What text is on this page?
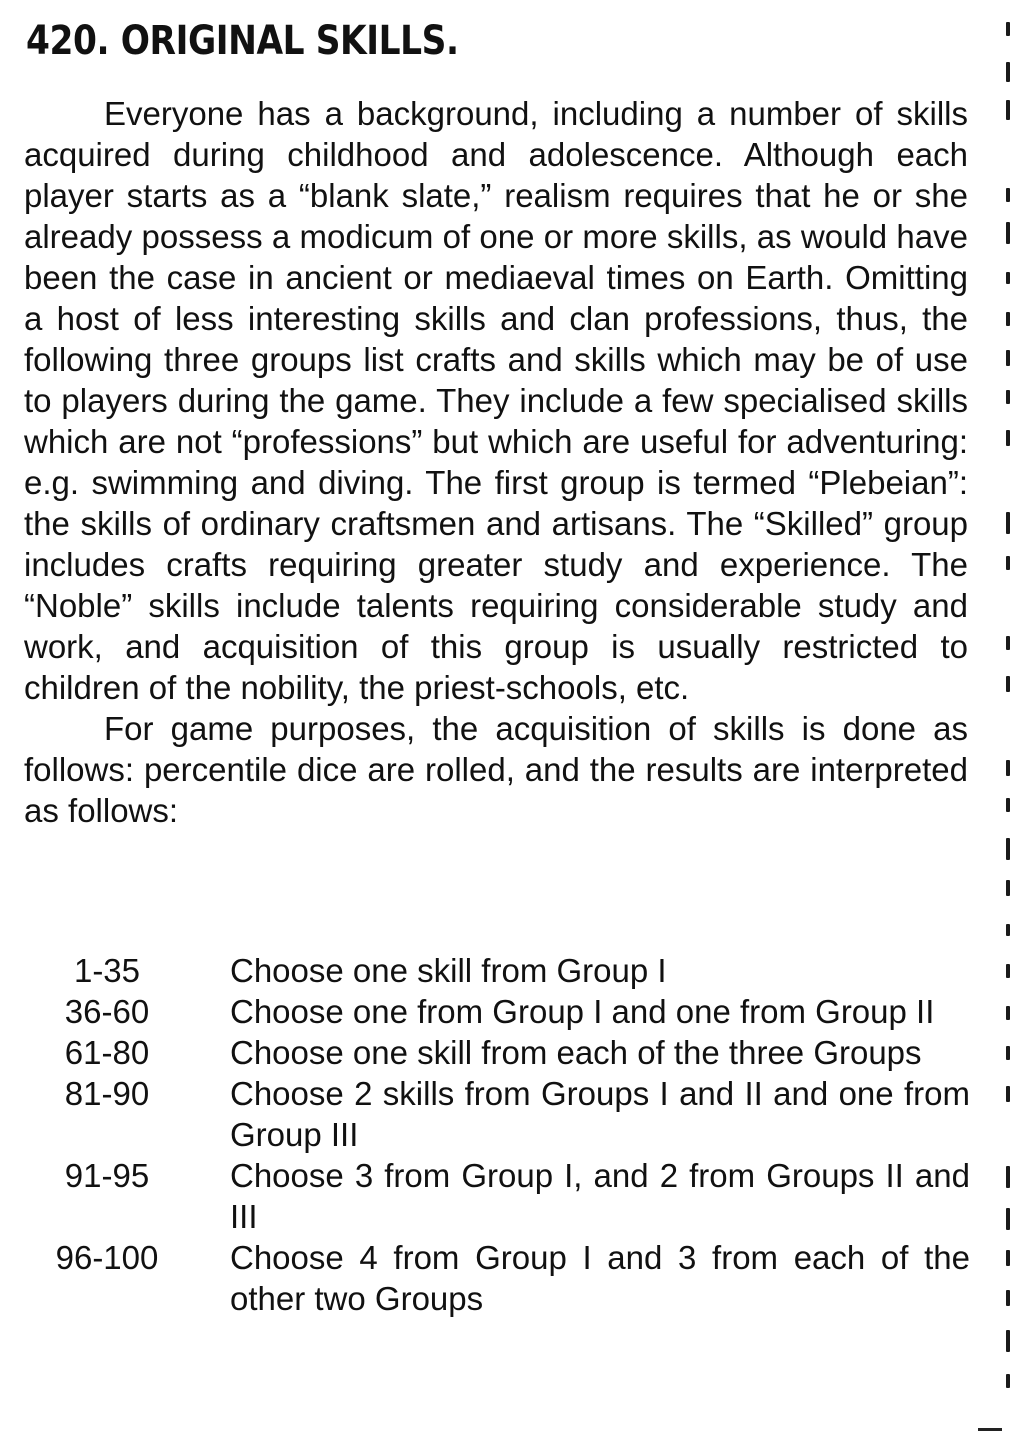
420. ORIGINAL SKILLS.

Everyone has a background, including a number of skills acquired during childhood and adolescence. Although each player starts as a “blank slate,” realism requires that he or she already possess a modicum of one or more skills, as would have been the case in ancient or mediaeval times on Earth. Omitting a host of less interesting skills and clan professions, thus, the following three groups list crafts and skills which may be of use to players during the game. They include a few specialised skills which are not “professions” but which are useful for adventuring: e.g. swimming and diving. The first group is termed “Plebeian”: the skills of ordinary craftsmen and artisans. The “Skilled” group includes crafts requiring greater study and experience. The “Noble” skills include talents requiring considerable study and work, and acquisition of this group is usually restricted to children of the nobility, the priest-schools, etc.

For game purposes, the acquisition of skills is done as follows: percentile dice are rolled, and the results are interpreted as follows:

1-35	Choose one skill from Group I
36-60	Choose one from Group I and one from Group II
61-80	Choose one skill from each of the three Groups
81-90	Choose 2 skills from Groups I and II and one from Group III
91-95	Choose 3 from Group I, and 2 from Groups II and III
96-100	Choose 4 from Group I and 3 from each of the other two Groups
